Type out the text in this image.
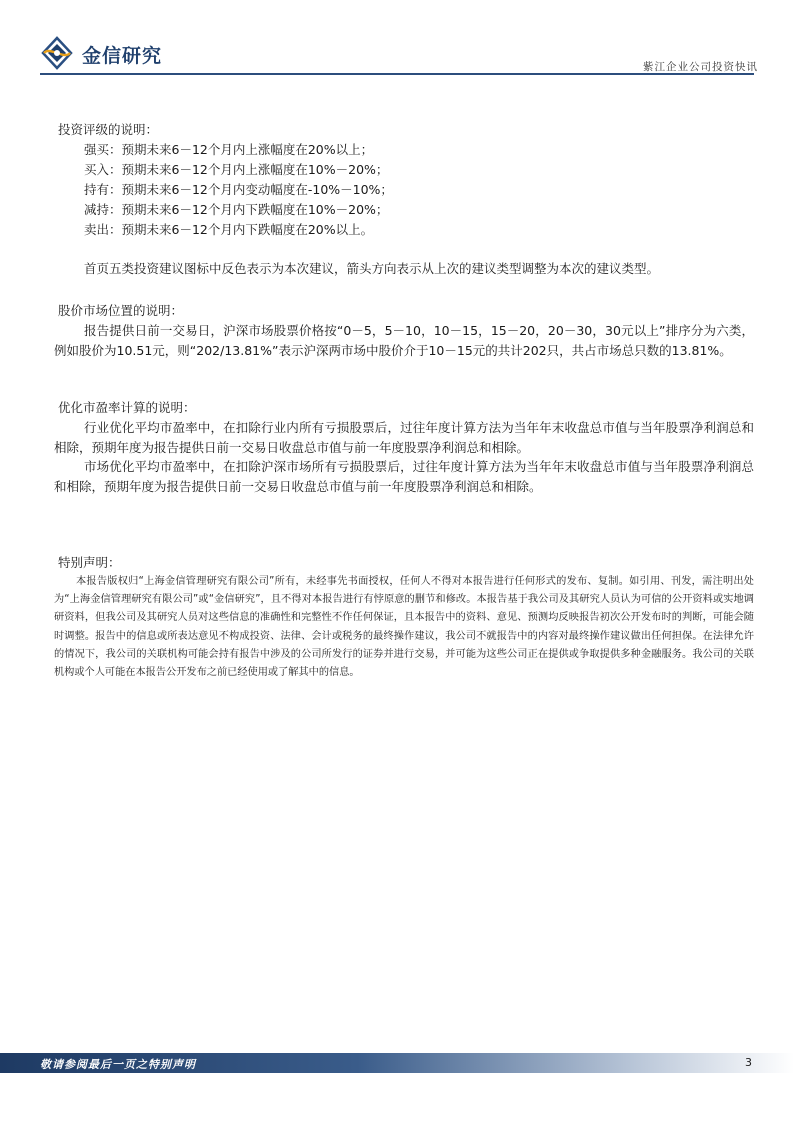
金信研究	紫江企业公司投资快讯
投资评级的说明：
强买：预期未来6－12个月内上涨幅度在20%以上；
买入：预期未来6－12个月内上涨幅度在10%－20%；
持有：预期未来6－12个月内变动幅度在-10%－10%；
减持：预期未来6－12个月内下跌幅度在10%－20%；
卖出：预期未来6－12个月内下跌幅度在20%以上。

首页五类投资建议图标中反色表示为本次建议，箭头方向表示从上次的建议类型调整为本次的建议类型。

股价市场位置的说明：

报告提供日前一交易日，沪深市场股票价格按“0－5，5－10，10－15，15－20，20－30，30元以上”排序分为六类，例如股价为10.51元，则“202/13.81%”表示沪深两市场中股价介于10－15元的共计202只，共占市场总只数的13.81%。

优化市盈率计算的说明：

行业优化平均市盈率中，在扣除行业内所有亏损股票后，过往年度计算方法为当年年末收盘总市值与当年股票净利润总和相除，预期年度为报告提供日前一交易日收盘总市值与前一年度股票净利润总和相除。

市场优化平均市盈率中，在扣除沪深市场所有亏损股票后，过往年度计算方法为当年年末收盘总市值与当年股票净利润总和相除，预期年度为报告提供日前一交易日收盘总市值与前一年度股票净利润总和相除。

特别声明：

本报告版权归“上海金信管理研究有限公司”所有，未经事先书面授权，任何人不得对本报告进行任何形式的发布、复制。如引用、刊发，需注明出处为“上海金信管理研究有限公司”或“金信研究”，且不得对本报告进行有悖原意的删节和修改。本报告基于我公司及其研究人员认为可信的公开资料或实地调研资料，但我公司及其研究人员对这些信息的准确性和完整性不作任何保证，且本报告中的资料、意见、预测均反映报告初次公开发布时的判断，可能会随时调整。报告中的信息或所表达意见不构成投资、法律、会计或税务的最终操作建议，我公司不就报告中的内容对最终操作建议做出任何担保。在法律允许的情况下，我公司的关联机构可能会持有报告中涉及的公司所发行的证券并进行交易，并可能为这些公司正在提供或争取提供多种金融服务。我公司的关联机构或个人可能在本报告公开发布之前已经使用或了解其中的信息。

敬请参阅最后一页之特别声明	3
